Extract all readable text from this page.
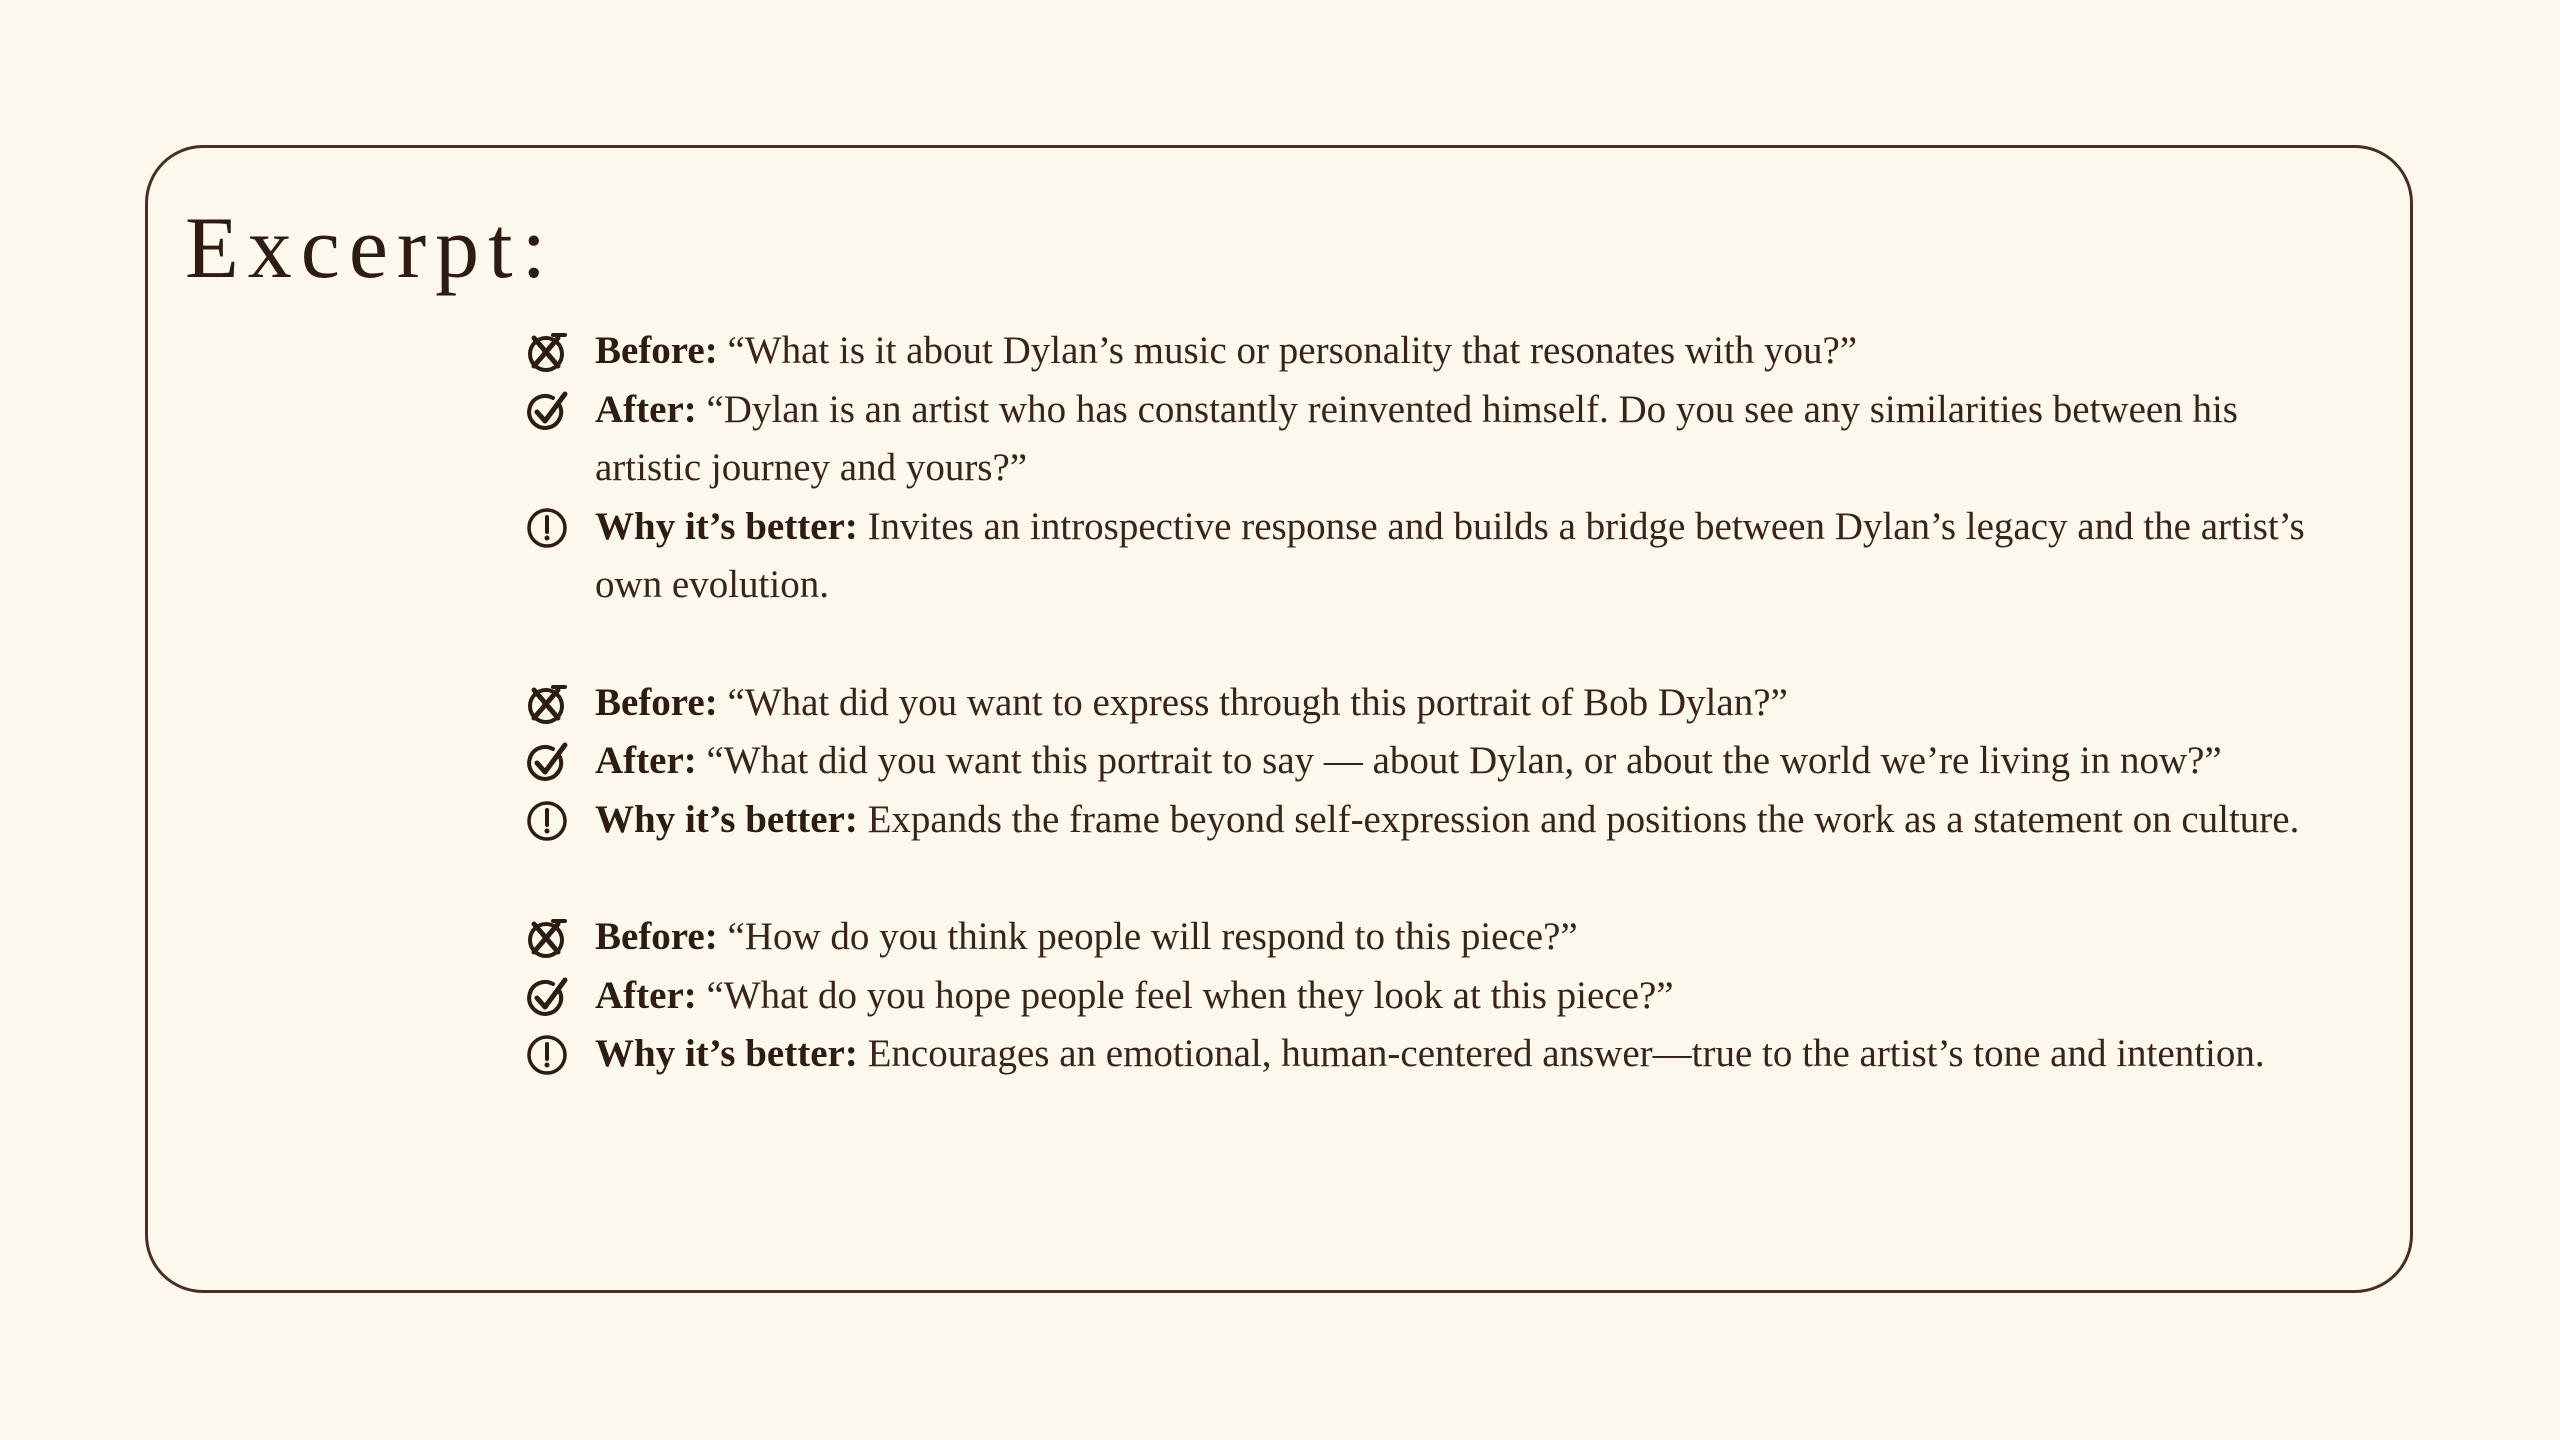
Excerpt:
Before: “What is it about Dylan’s music or personality that resonates with you?”
After: “Dylan is an artist who has constantly reinvented himself. Do you see any similarities between his artistic journey and yours?”
Why it’s better: Invites an introspective response and builds a bridge between Dylan’s legacy and the artist’s own evolution.
Before: “What did you want to express through this portrait of Bob Dylan?”
After: “What did you want this portrait to say — about Dylan, or about the world we’re living in now?”
Why it’s better: Expands the frame beyond self-expression and positions the work as a statement on culture.
Before: “How do you think people will respond to this piece?”
After: “What do you hope people feel when they look at this piece?”
Why it’s better: Encourages an emotional, human-centered answer—true to the artist’s tone and intention.
